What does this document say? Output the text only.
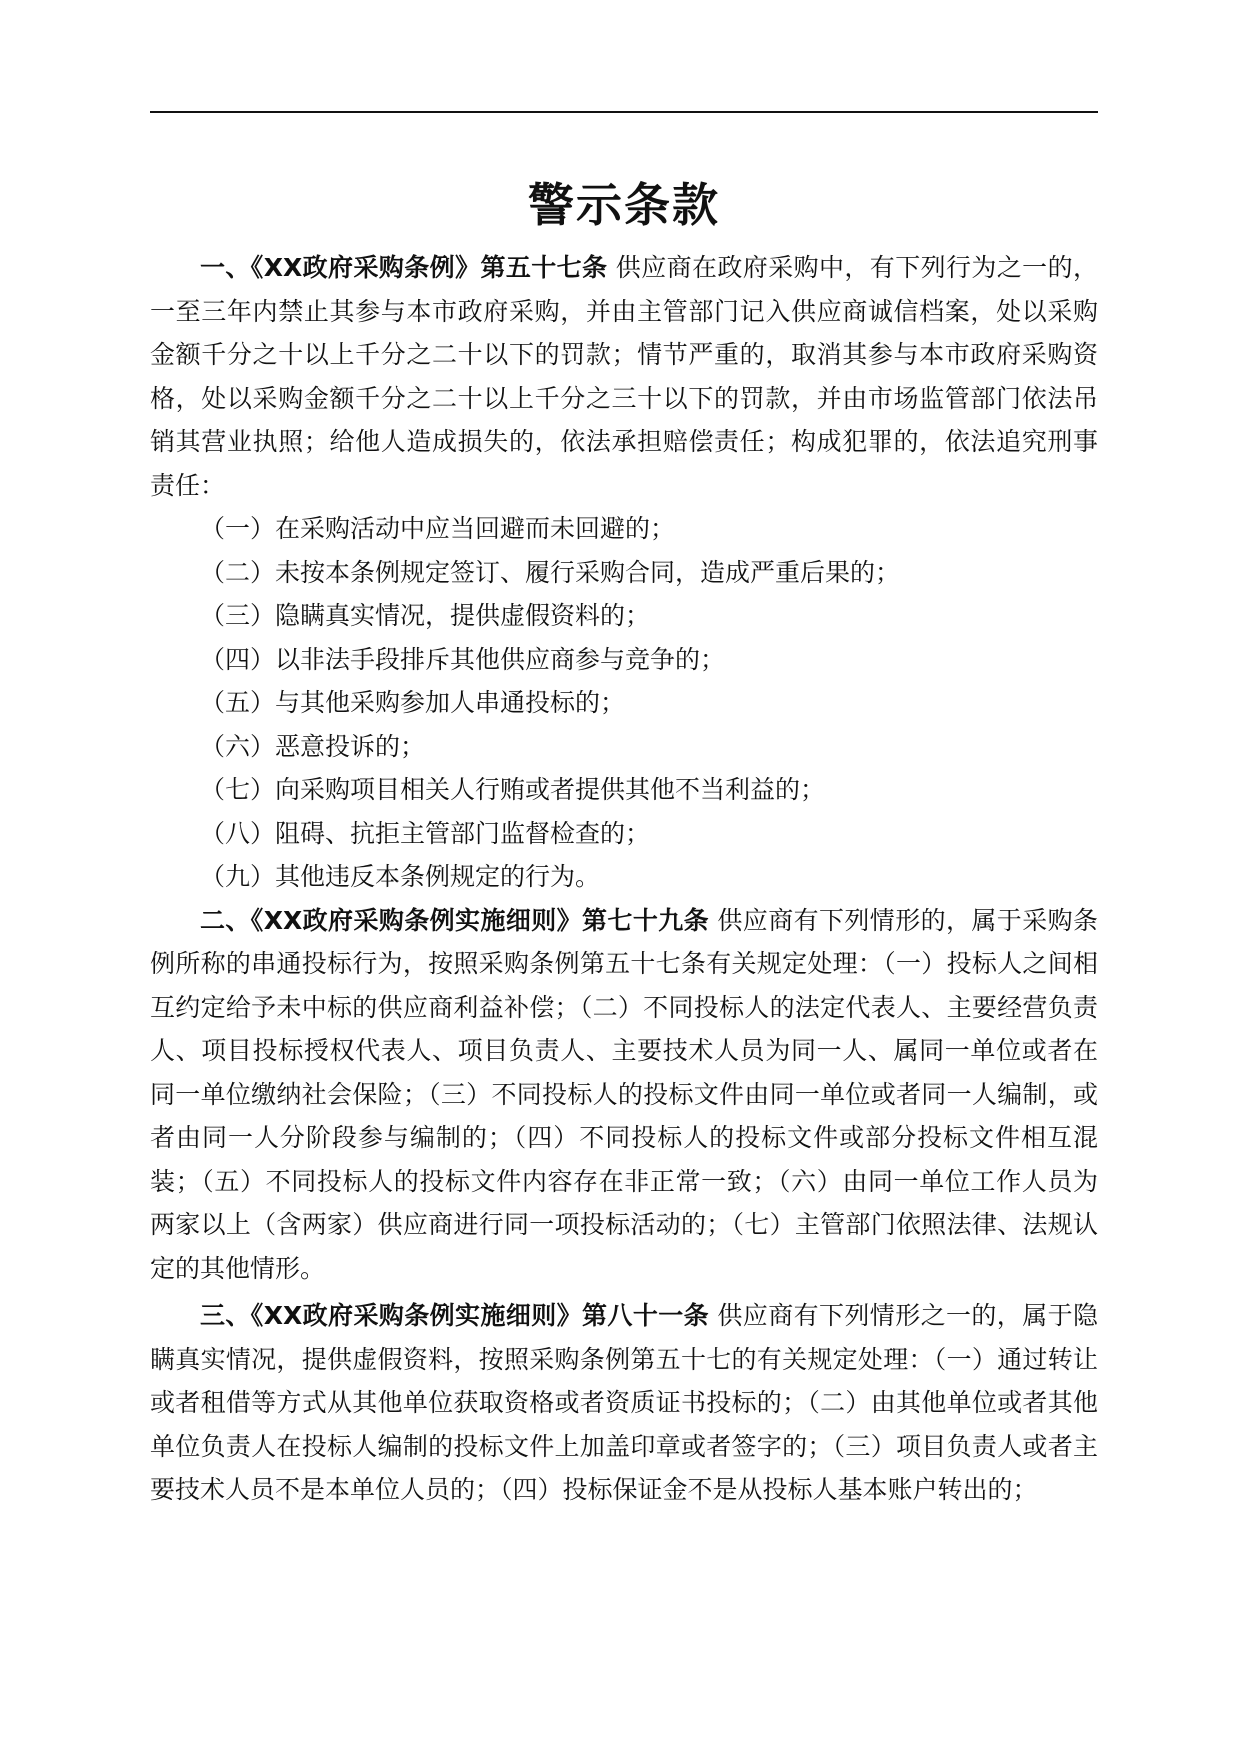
警示条款

一、《XX政府采购条例》第五十七条 供应商在政府采购中，有下列行为之一的，一至三年内禁止其参与本市政府采购，并由主管部门记入供应商诚信档案，处以采购金额千分之十以上千分之二十以下的罚款；情节严重的，取消其参与本市政府采购资格，处以采购金额千分之二十以上千分之三十以下的罚款，并由市场监管部门依法吊销其营业执照；给他人造成损失的，依法承担赔偿责任；构成犯罪的，依法追究刑事责任：

（一）在采购活动中应当回避而未回避的；
（二）未按本条例规定签订、履行采购合同，造成严重后果的；
（三）隐瞒真实情况，提供虚假资料的；
（四）以非法手段排斥其他供应商参与竞争的；
（五）与其他采购参加人串通投标的；
（六）恶意投诉的；
（七）向采购项目相关人行贿或者提供其他不当利益的；
（八）阻碍、抗拒主管部门监督检查的；
（九）其他违反本条例规定的行为。

二、《XX政府采购条例实施细则》第七十九条 供应商有下列情形的，属于采购条例所称的串通投标行为，按照采购条例第五十七条有关规定处理：（一）投标人之间相互约定给予未中标的供应商利益补偿；（二）不同投标人的法定代表人、主要经营负责人、项目投标授权代表人、项目负责人、主要技术人员为同一人、属同一单位或者在同一单位缴纳社会保险；（三）不同投标人的投标文件由同一单位或者同一人编制，或者由同一人分阶段参与编制的；（四）不同投标人的投标文件或部分投标文件相互混装；（五）不同投标人的投标文件内容存在非正常一致；（六）由同一单位工作人员为两家以上（含两家）供应商进行同一项投标活动的；（七）主管部门依照法律、法规认定的其他情形。

三、《XX政府采购条例实施细则》第八十一条 供应商有下列情形之一的，属于隐瞒真实情况，提供虚假资料，按照采购条例第五十七的有关规定处理：（一）通过转让或者租借等方式从其他单位获取资格或者资质证书投标的；（二）由其他单位或者其他单位负责人在投标人编制的投标文件上加盖印章或者签字的；（三）项目负责人或者主要技术人员不是本单位人员的；（四）投标保证金不是从投标人基本账户转出的；
